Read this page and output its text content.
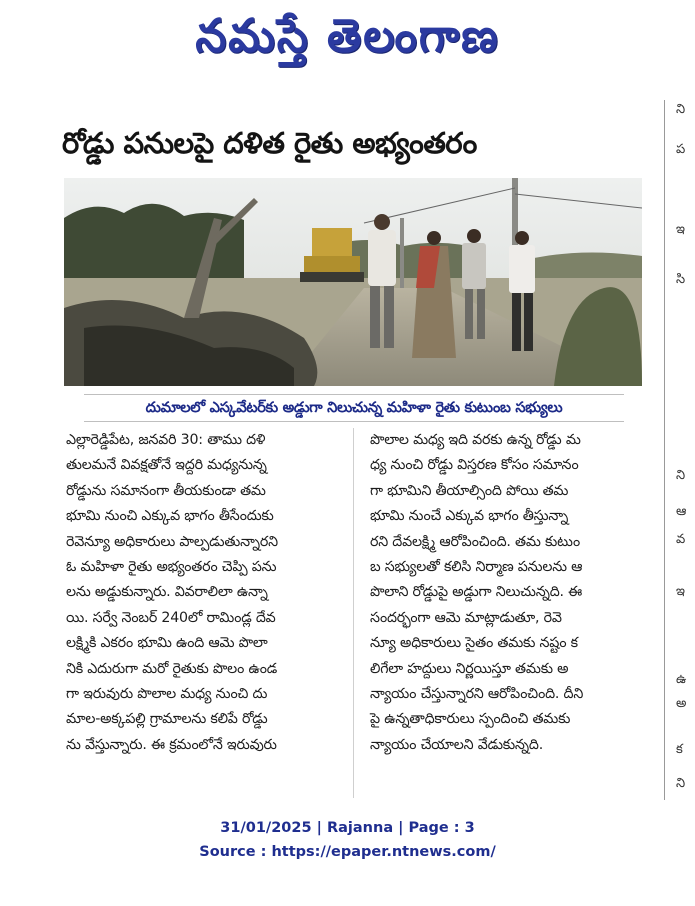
నమస్తే తెలంగాణ
రోడ్డు పనులపై దళిత రైతు అభ్యంతరం
దుమాలలో ఎస్కవేటర్‌కు అడ్డుగా నిలుచున్న మహిళా రైతు కుటుంబ సభ్యులు

ఎల్లారెడ్డిపేట, జనవరి 30: తాము దళి

తులమనే వివక్షతోనే ఇద్దరి మధ్యనున్న

రోడ్డును సమానంగా తీయకుండా తమ

భూమి నుంచి ఎక్కువ భాగం తీసేందుకు

రెవెన్యూ అధికారులు పాల్పడుతున్నారని

ఓ మహిళా రైతు అభ్యంతరం చెప్పి పను

లను అడ్డుకున్నారు. వివరాలిలా ఉన్నా

యి. సర్వే నెంబర్ 240లో రామిండ్ల దేవ

లక్ష్మికి ఎకరం భూమి ఉంది ఆమె పొలా

నికి ఎదురుగా మరో రైతుకు పొలం ఉండ

గా ఇరువురు పొలాల మధ్య నుంచి దు

మాల-అక్కపల్లి గ్రామాలను కలిపే రోడ్డు

ను వేస్తున్నారు. ఈ క్రమంలోనే ఇరువురు

పొలాల మధ్య ఇది వరకు ఉన్న రోడ్డు మ

ధ్య నుంచి రోడ్డు విస్తరణ కోసం సమానం

గా భూమిని తీయాల్సింది పోయి తమ

భూమి నుంచే ఎక్కువ భాగం తీస్తున్నా

రని దేవలక్ష్మి ఆరోపించింది. తమ కుటుం

బ సభ్యులతో కలిసి నిర్మాణ పనులను ఆ

పొలాని రోడ్డుపై అడ్డుగా నిలుచున్నది. ఈ

సందర్భంగా ఆమె మాట్లాడుతూ, రెవె

న్యూ అధికారులు సైతం తమకు నష్టం క

లిగేలా హద్దులు నిర్ణయిస్తూ తమకు అ

న్యాయం చేస్తున్నారని ఆరోపించింది. దీని

పై ఉన్నతాధికారులు స్పందించి తమకు

న్యాయం చేయాలని వేడుకున్నది.

ని
ప
ఇ
సి
ని
ఆ
వ
ఇ
ఉ
అ
క
ని
31/01/2025 | Rajanna | Page : 3
Source : https://epaper.ntnews.com/
